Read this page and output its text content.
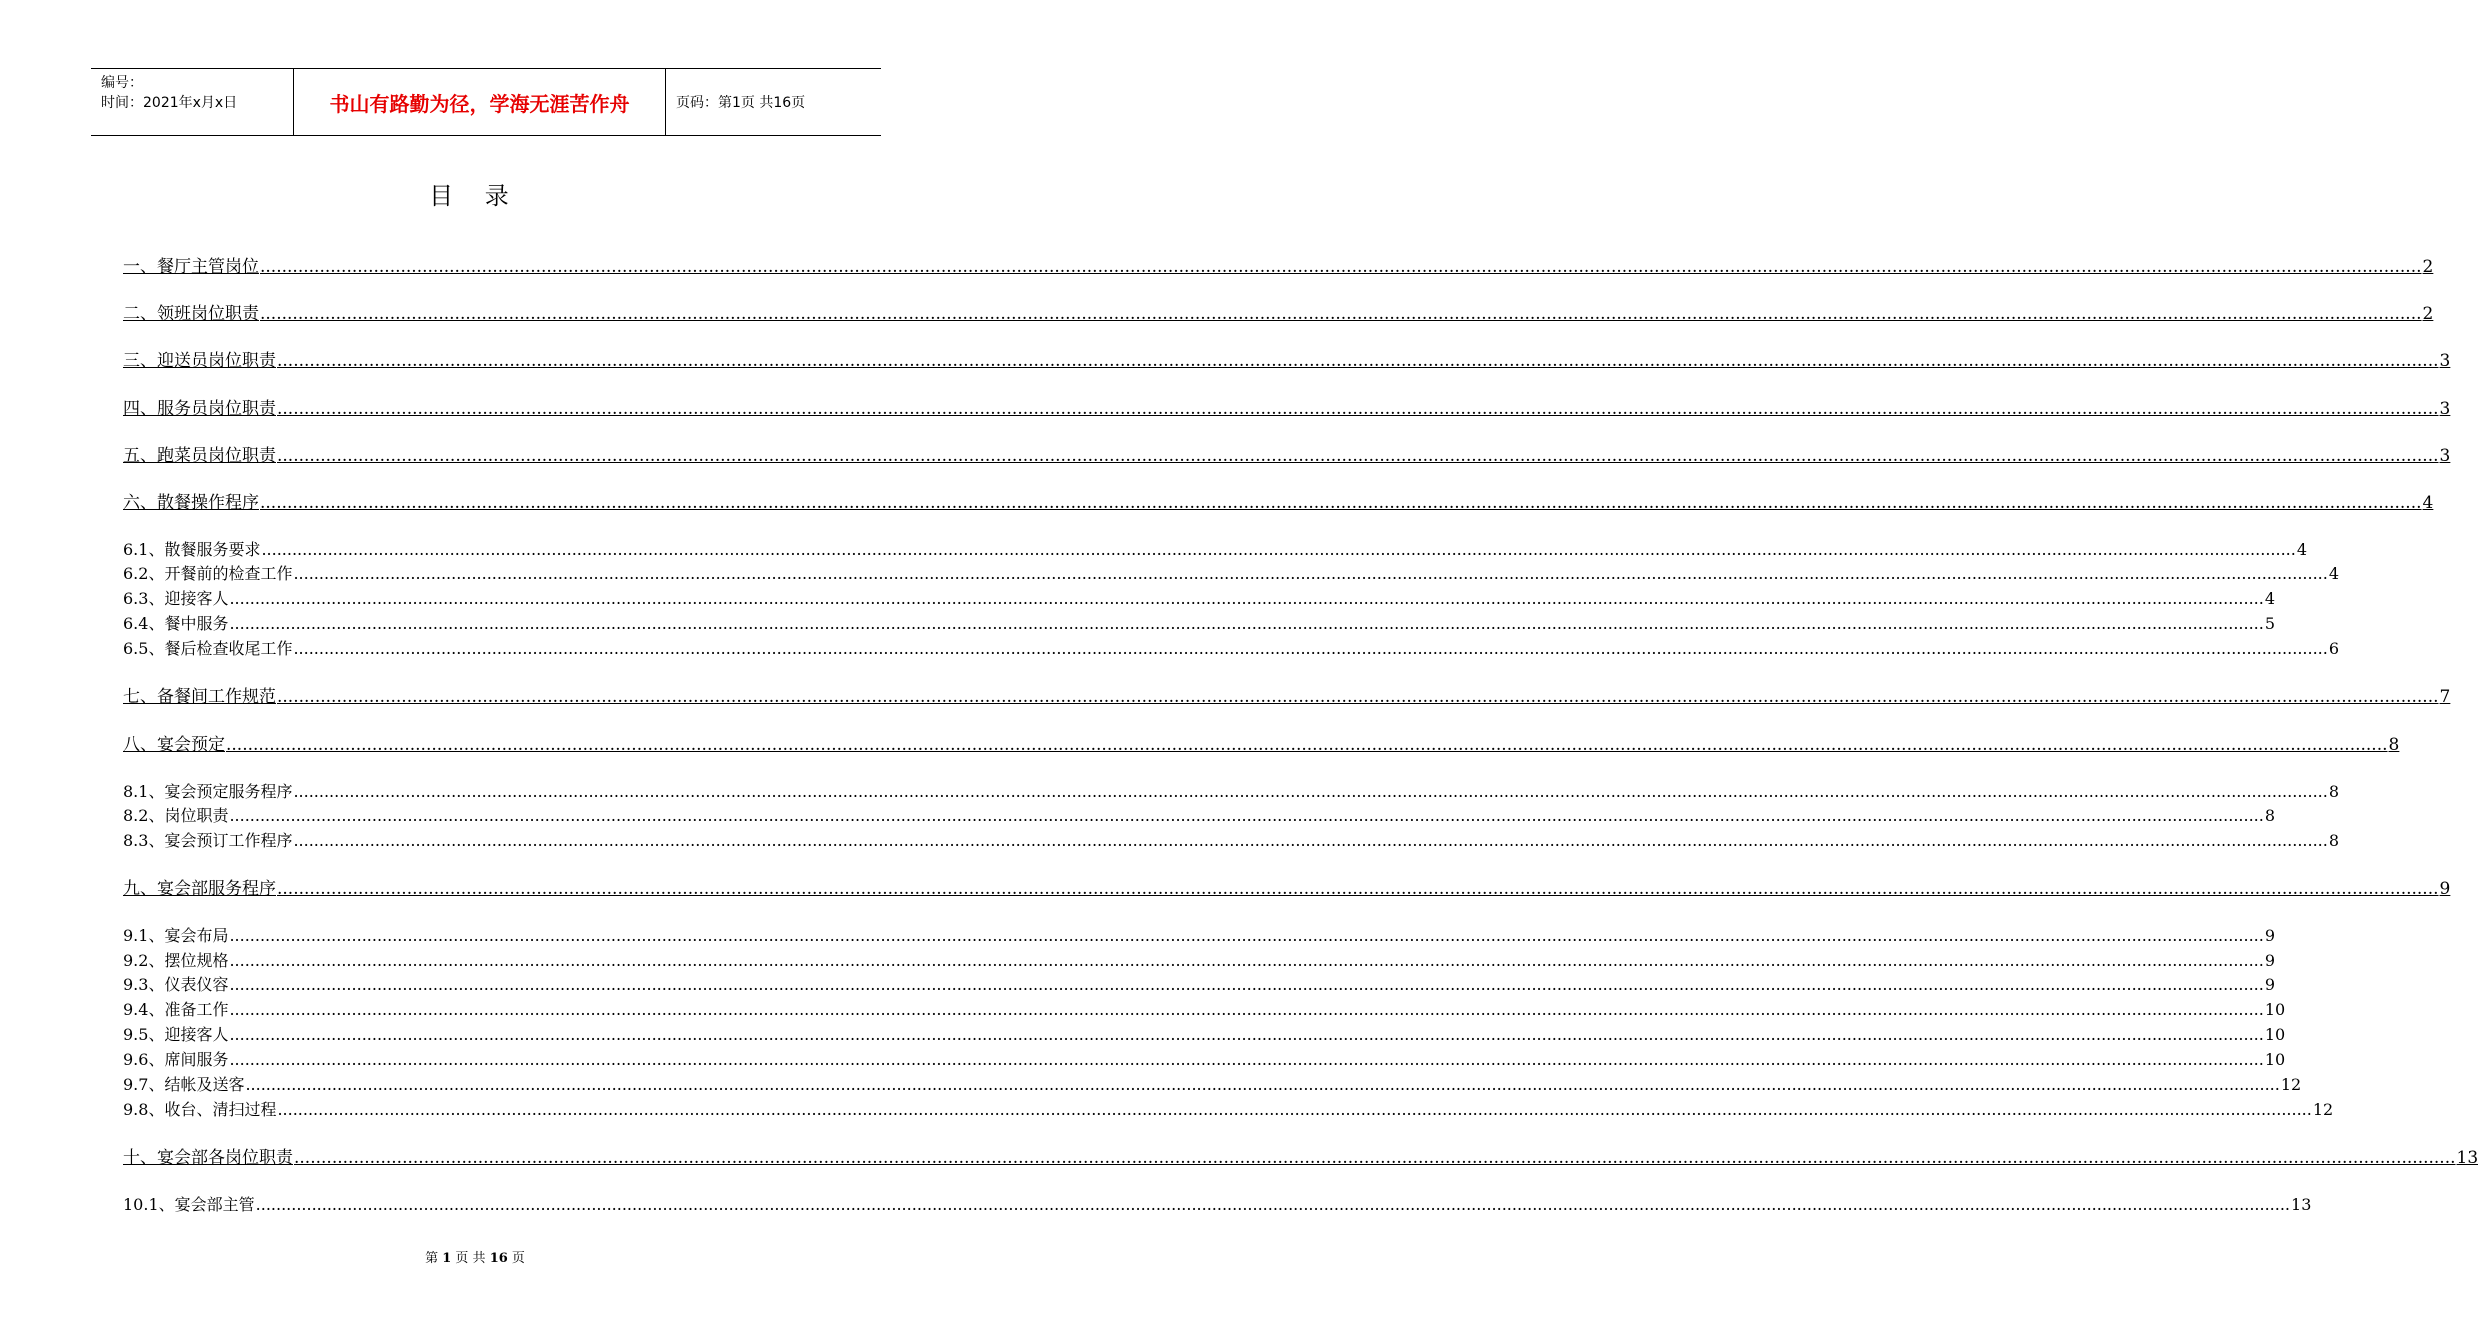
编号：
时间：2021年x月x日	书山有路勤为径，学海无涯苦作舟	页码：第1页 共16页
目 录
一、 餐厅主管岗位 ................................................................................................................................................................................................................................................................................................................................................................................................................ 2
二、 领班岗位职责 ................................................................................................................................................................................................................................................................................................................................................................................................................ 2
三、 迎送员岗位职责 ................................................................................................................................................................................................................................................................................................................................................................................................................ 3
四、 服务员岗位职责 ................................................................................................................................................................................................................................................................................................................................................................................................................ 3
五、 跑菜员岗位职责 ................................................................................................................................................................................................................................................................................................................................................................................................................ 3
六、 散餐操作程序 ................................................................................................................................................................................................................................................................................................................................................................................................................ 4
6.1、散餐服务要求 ................................................................................................................................................................................................................................................................................................................................................................................................................ 4
6.2、开餐前的检查工作 ................................................................................................................................................................................................................................................................................................................................................................................................................ 4
6.3、迎接客人 ................................................................................................................................................................................................................................................................................................................................................................................................................ 4
6.4、餐中服务 ................................................................................................................................................................................................................................................................................................................................................................................................................ 5
6.5、餐后检查收尾工作 ................................................................................................................................................................................................................................................................................................................................................................................................................ 6
七、 备餐间工作规范 ................................................................................................................................................................................................................................................................................................................................................................................................................ 7
八、 宴会预定 ................................................................................................................................................................................................................................................................................................................................................................................................................ 8
8.1、宴会预定服务程序 ................................................................................................................................................................................................................................................................................................................................................................................................................ 8
8.2、岗位职责 ................................................................................................................................................................................................................................................................................................................................................................................................................ 8
8.3、宴会预订工作程序 ................................................................................................................................................................................................................................................................................................................................................................................................................ 8
九、 宴会部服务程序 ................................................................................................................................................................................................................................................................................................................................................................................................................ 9
9.1、宴会布局 ................................................................................................................................................................................................................................................................................................................................................................................................................ 9
9.2、摆位规格 ................................................................................................................................................................................................................................................................................................................................................................................................................ 9
9.3、仪表仪容 ................................................................................................................................................................................................................................................................................................................................................................................................................ 9
9.4、准备工作 ................................................................................................................................................................................................................................................................................................................................................................................................................ 10
9.5、迎接客人 ................................................................................................................................................................................................................................................................................................................................................................................................................ 10
9.6、席间服务 ................................................................................................................................................................................................................................................................................................................................................................................................................ 10
9.7、结帐及送客 ................................................................................................................................................................................................................................................................................................................................................................................................................ 12
9.8、收台、清扫过程 ................................................................................................................................................................................................................................................................................................................................................................................................................ 12
十、 宴会部各岗位职责 ................................................................................................................................................................................................................................................................................................................................................................................................................ 13
10.1、宴会部主管 ................................................................................................................................................................................................................................................................................................................................................................................................................ 13
第 1 页 共 16 页
